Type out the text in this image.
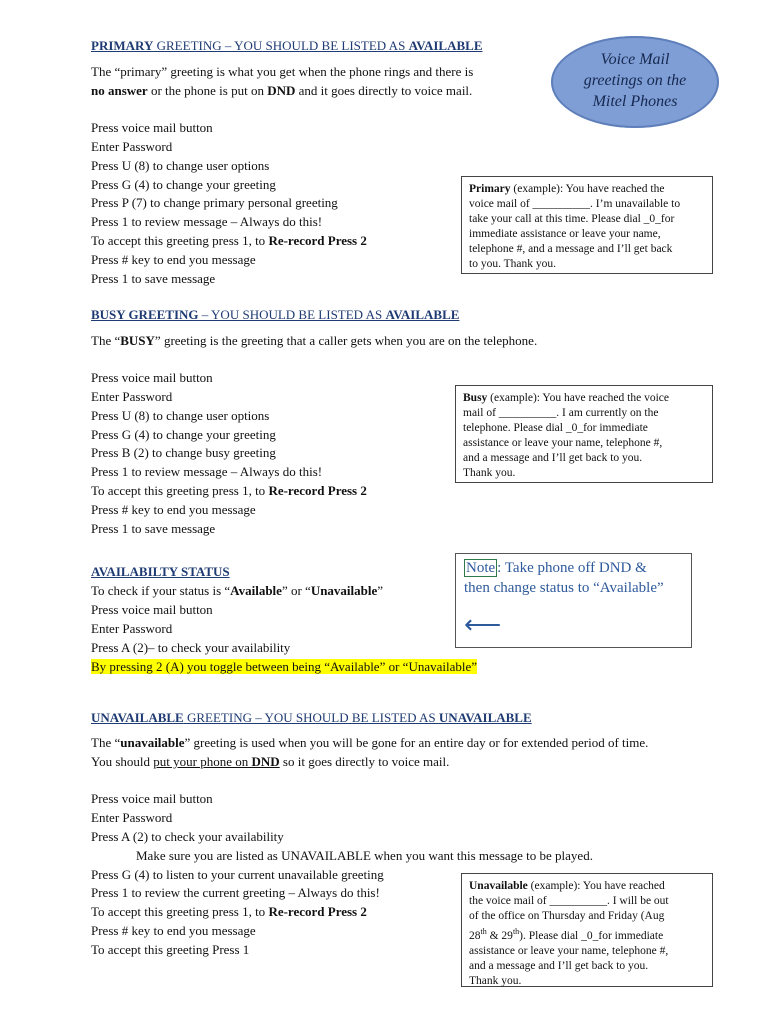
Voice Mail
greetings on the
Mitel Phones
PRIMARY GREETING – YOU SHOULD BE LISTED AS AVAILABLE
The “primary” greeting is what you get when the phone rings and there is
no answer or the phone is put on DND and it goes directly to voice mail.
Press voice mail button
Enter Password
Press U (8) to change user options
Press G (4) to change your greeting
Press P (7) to change primary personal greeting
Press 1 to review message – Always do this!
To accept this greeting press 1, to Re-record Press 2
Press # key to end you message
Press 1 to save message

Primary (example): You have reached the

voice mail of __________. I’m unavailable to

take your call at this time. Please dial _0_for

immediate assistance or leave your name,

telephone #, and a message and I’ll get back

to you. Thank you.

BUSY GREETING – YOU SHOULD BE LISTED AS AVAILABLE
The “BUSY” greeting is the greeting that a caller gets when you are on the telephone.
Press voice mail button
Enter Password
Press U (8) to change user options
Press G (4) to change your greeting
Press B (2) to change busy greeting
Press 1 to review message – Always do this!
To accept this greeting press 1, to Re-record Press 2
Press # key to end you message
Press 1 to save message

Busy (example): You have reached the voice

mail of __________. I am currently on the

telephone. Please dial _0_for immediate

assistance or leave your name, telephone #,

and a message and I’ll get back to you.

Thank you.

AVAILABILTY STATUS
To check if your status is “Available” or “Unavailable”
Press voice mail button
Enter Password
Press A (2)– to check your availability
By pressing 2 (A) you toggle between being “Available” or “Unavailable”
Note : Take phone off DND &
then change status to “Available”
⟵
UNAVAILABLE GREETING – YOU SHOULD BE LISTED AS UNAVAILABLE
The “unavailable” greeting is used when you will be gone for an entire day or for extended period of time.
You should put your phone on DND so it goes directly to voice mail.
Press voice mail button
Enter Password
Press A (2) to check your availability
Make sure you are listed as UNAVAILABLE when you want this message to be played.
Press G (4) to listen to your current unavailable greeting
Press 1 to review the current greeting – Always do this!
To accept this greeting press 1, to Re-record Press 2
Press # key to end you message
To accept this greeting Press 1

Unavailable (example): You have reached

the voice mail of __________. I will be out

of the office on Thursday and Friday (Aug

28th & 29th). Please dial _0_for immediate

assistance or leave your name, telephone #,

and a message and I’ll get back to you.

Thank you.
